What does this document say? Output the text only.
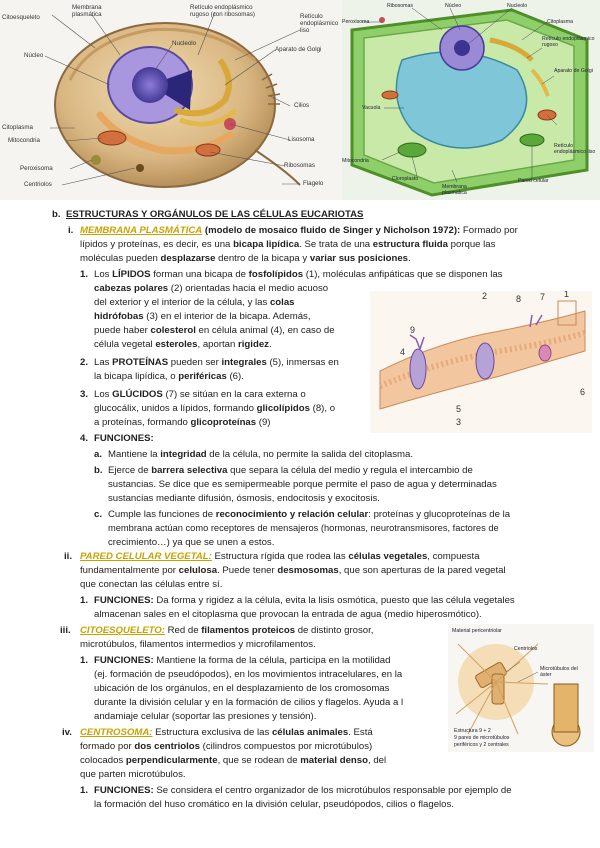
Citoesqueleto
Membrana plasmática
Retículo endoplásmico rugoso (con ribosomas)	Retículo endoplásmico liso
Nucleolo
Núcleo
Aparato de Golgi
Cilios
Citoplasma
Mitocondria	Lisosoma
Peroxisoma	Ribosomas
Centriolos	Flagelo
Ribosomas	Núcleo	Nucleolo
Peroxisoma	Citoplasma
Retículo endoplásmico rugoso
Aparato de Golgi
Vacuola
Mitocondria
Cloroplasto
Retículo endoplásmico liso
Pared celular
Membrana plasmática
2	8 7 1
9
4
6
5
3
Material pericentriolar
Centriolos
Microtúbulos del áster
Estructura 9 + 2
9 pares de microtúbulos
periféricos y 2 centrales
b. ESTRUCTURAS Y ORGÁNULOS DE LAS CÉLULAS EUCARIOTAS
i. MEMBRANA PLASMÁTICA (modelo de mosaico fluido de Singer y Nicholson 1972): Formado por
lípidos y proteínas, es decir, es una bicapa lipídica. Se trata de una estructura fluida porque las
moléculas pueden desplazarse dentro de la bicapa y variar sus posiciones.
1. Los LÍPIDOS forman una bicapa de fosfolípidos (1), moléculas anfipáticas que se disponen las
cabezas polares (2) orientadas hacia el medio acuoso
del exterior y el interior de la célula, y las colas
hidrófobas (3) en el interior de la bicapa. Además,
puede haber colesterol en célula animal (4), en caso de
célula vegetal esteroles, aportan rigidez.
2. Las PROTEÍNAS pueden ser integrales (5), inmersas en
la bicapa lipídica, o periféricas (6).
3. Los GLÚCIDOS (7) se sitúan en la cara externa o
glucocálix, unidos a lípidos, formando glicolípidos (8), o
a proteínas, formando glicoproteínas (9)
4. FUNCIONES:
a. Mantiene la integridad de la célula, no permite la salida del citoplasma.
b. Ejerce de barrera selectiva que separa la célula del medio y regula el intercambio de
sustancias. Se dice que es semipermeable porque permite el paso de agua y determinadas
sustancias mediante difusión, ósmosis, endocitosis y exocitosis.
c. Cumple las funciones de reconocimiento y relación celular: proteínas y glucoproteínas de la
membrana actúan como receptores de mensajeros (hormonas, neurotransmisores, factores de
crecimiento…) ya que se unen a estos.
ii. PARED CELULAR VEGETAL: Estructura rígida que rodea las células vegetales, compuesta
fundamentalmente por celulosa. Puede tener desmosomas, que son aperturas de la pared vegetal
que conectan las células entre sí.
1. FUNCIONES: Da forma y rigidez a la célula, evita la lisis osmótica, puesto que las célula vegetales
almacenan sales en el citoplasma que provocan la entrada de agua (medio hiperosmótico).
iii. CITOESQUELETO: Red de filamentos proteicos de distinto grosor,
microtúbulos, filamentos intermedios y microfilamentos.
1. FUNCIONES: Mantiene la forma de la célula, participa en la motilidad
(ej. formación de pseudópodos), en los movimientos intracelulares, en la
ubicación de los orgánulos, en el desplazamiento de los cromosomas
durante la división celular y en la formación de cilios y flagelos. Ayuda a l
andamiaje celular (soportar las presiones y tensión).
iv. CENTROSOMA: Estructura exclusiva de las células animales. Está
formado por dos centriolos (cilindros compuestos por microtúbulos)
colocados perpendicularmente, que se rodean de material denso, del
que parten microtúbulos.
1. FUNCIONES: Se considera el centro organizador de los microtúbulos responsable por ejemplo de
la formación del huso cromático en la división celular, pseudópodos, cilios o flagelos.
